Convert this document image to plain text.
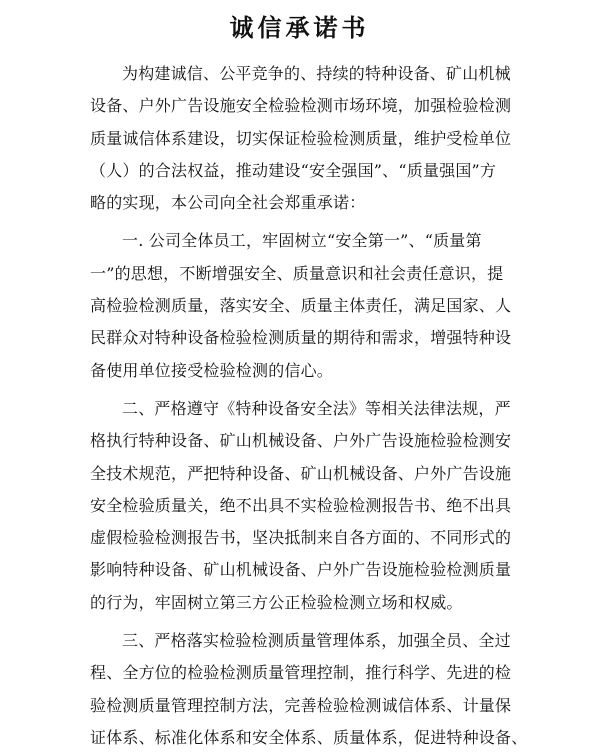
诚信承诺书
为构建诚信、公平竞争的、持续的特种设备、矿山机械
设备、户外广告设施安全检验检测市场环境，加强检验检测
质量诚信体系建设，切实保证检验检测质量，维护受检单位
（人）的合法权益，推动建设“安全强国”、“质量强国”方
略的实现，本公司向全社会郑重承诺：
一. 公司全体员工，牢固树立“安全第一”、“质量第
一”的思想，不断增强安全、质量意识和社会责任意识，提
高检验检测质量，落实安全、质量主体责任，满足国家、人
民群众对特种设备检验检测质量的期待和需求，增强特种设
备使用单位接受检验检测的信心。
二、严格遵守《特种设备安全法》等相关法律法规，严
格执行特种设备、矿山机械设备、户外广告设施检验检测安
全技术规范，严把特种设备、矿山机械设备、户外广告设施
安全检验质量关，绝不出具不实检验检测报告书、绝不出具
虚假检验检测报告书，坚决抵制来自各方面的、不同形式的
影响特种设备、矿山机械设备、户外广告设施检验检测质量
的行为，牢固树立第三方公正检验检测立场和权威。
三、严格落实检验检测质量管理体系，加强全员、全过
程、全方位的检验检测质量管理控制，推行科学、先进的检
验检测质量管理控制方法，完善检验检测诚信体系、计量保
证体系、标准化体系和安全体系、质量体系，促进特种设备、
